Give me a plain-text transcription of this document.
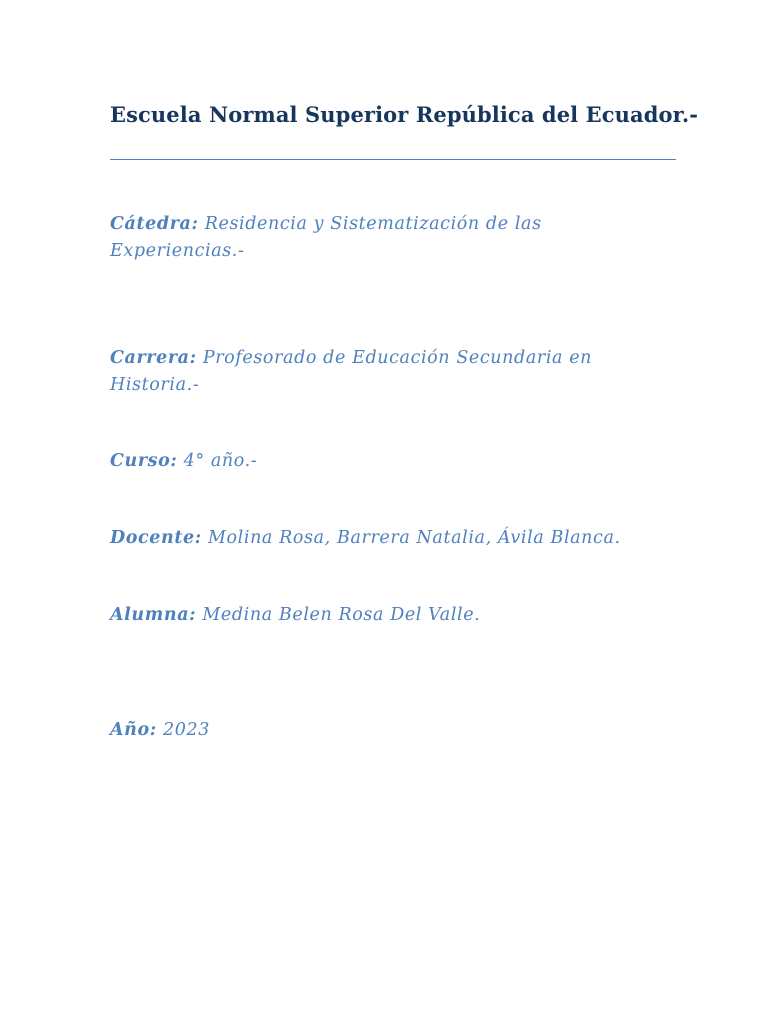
Escuela Normal Superior República del Ecuador.-
Cátedra: Residencia y Sistematización de las Experiencias.-
Carrera: Profesorado de Educación Secundaria en Historia.-
Curso: 4° año.-
Docente: Molina Rosa, Barrera Natalia, Ávila Blanca.
Alumna: Medina Belen Rosa Del Valle.
Año: 2023
